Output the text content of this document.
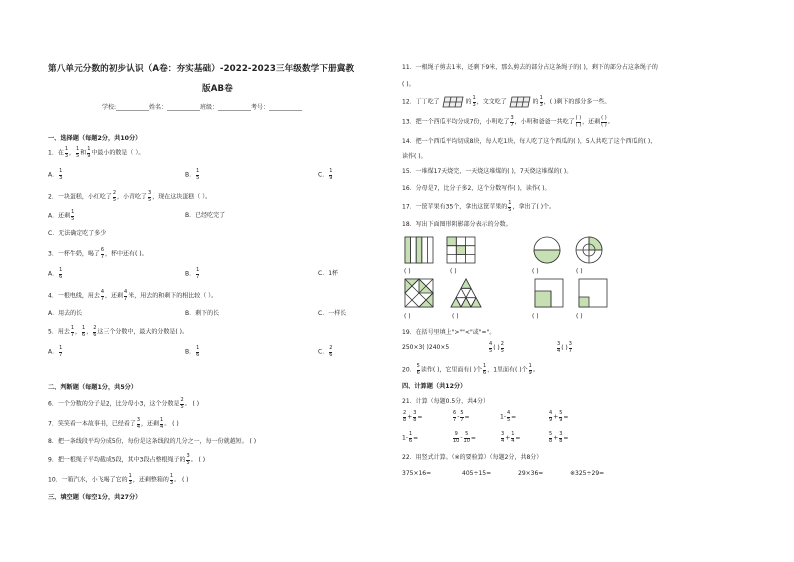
第八单元分数的初步认识（A卷：夯实基础）-2022-2023三年级数学下册冀教
版AB卷
学校:___________姓名：___________班级：___________考号：___________
一、选择题（每题2分，共10分）
1．在 $\frac{1}{3}$ ， $\frac{1}{5}$ 和 $\frac{1}{9}$ 中最小的数是（ ）。
A． $\frac{1}{3}$	B． $\frac{1}{5}$	C． $\frac{1}{9}$
2．一块蛋糕，小红吃了 $\frac{2}{5}$ ，小青吃了 $\frac{3}{5}$ ，现在这块蛋糕（ ）。
A．还剩 $\frac{1}{5}$	B．已经吃完了
C．无法确定吃了多少
3．一杯牛奶，喝了 $\frac{6}{7}$ ，杯中还有( )。
A． $\frac{1}{6}$	B． $\frac{1}{7}$	C．1杯
4．一根电线，用去 $\frac{4}{7}$ ，还剩 $\frac{4}{7}$ 米，用去的和剩下的相比较（ ）。
A．用去的长	B．剩下的长	C．一样长
5．用去 $\frac{1}{7}$ ， $\frac{1}{6}$ ， $\frac{2}{6}$ 这三个分数中，最大的分数是( )。
A． $\frac{1}{7}$	B． $\frac{1}{6}$	C． $\frac{2}{6}$
二、判断题（每题1分，共5分）
6．一个分数的分子是2，比分母小3，这个分数是 $\frac{2}{5}$ 。 ( )
7．笑笑看一本故事书，已经看了 $\frac{3}{4}$ ，还剩 $\frac{1}{4}$ 。 ( )
8．把一条线段平均分成5份，每份是这条线段的几分之一，每一份就越短。 ( )
9．把一根绳子平均截成5段，其中3段占整根绳子的 $\frac{3}{5}$ 。 ( )
10．一箱汽水，小飞喝了它的 $\frac{1}{3}$ ，还剩整箱的 $\frac{1}{3}$ 。 ( )
三、填空题（每空1分，共27分）
11．一根绳子剪去1米，还剩下9米，那么剪去的部分占这条绳子的( )，剩下的部分占这条绳子的
( )。
12．丁丁吃了	的 $\frac{1}{3}$ ，文文吃了	的 $\frac{1}{3}$ ，( )剩下的部分多一些。
13．把一个西瓜平均分成7份，小明吃了 $\frac{3}{7}$ ，小明和爸爸一共吃了
( )
( ) ，还剩
( )
( ) 。
14．把一个西瓜平均切成8块，每人吃1块，每人吃了这个西瓜的( )，5人共吃了这个西瓜的( )，
读作( )。
15．一堆煤17天烧完，一天烧这堆煤的( )，7天烧这堆煤的( )。
16．分母是7，比分子多2，这个分数写作( )，读作( )。
17．一筐苹果有35个，拿出这筐苹果的 $\frac{1}{5}$ ，拿出了( )个。
18．写出下面图形阴影部分表示的分数。
( )	( )	( )	( )
( )	( )	( )	( )
19．在括号里填上">""<"或"="。
250×3( )240×5	$\frac{4}{5}$ ( ) $\frac{2}{5}$	$\frac{3}{4}$ ( ) $\frac{3}{7}$
20． $\frac{5}{6}$ 读作( )，它里面有( )个 $\frac{1}{6}$ ，1里面有( )个 $\frac{1}{9}$ 。
四、计算题（共12分）
21．计算（每题0.5分，共4分）
$\frac{2}{8} + \frac{3}{8}$ =	$\frac{6}{7} - \frac{5}{7}$ =	$1- \frac{4}{5}$ =	$\frac{4}{9} + \frac{5}{9}$ =
$1- \frac{1}{6}$ =	$\frac{9}{10} - \frac{5}{10}$ =	$\frac{3}{4} + \frac{1}{4}$ =	$\frac{5}{8} + \frac{3}{8}$ =
22．用竖式计算。（※的要验算）（每题2分，共8分）
375×16=	405÷15=	29×36=	※325÷29=
